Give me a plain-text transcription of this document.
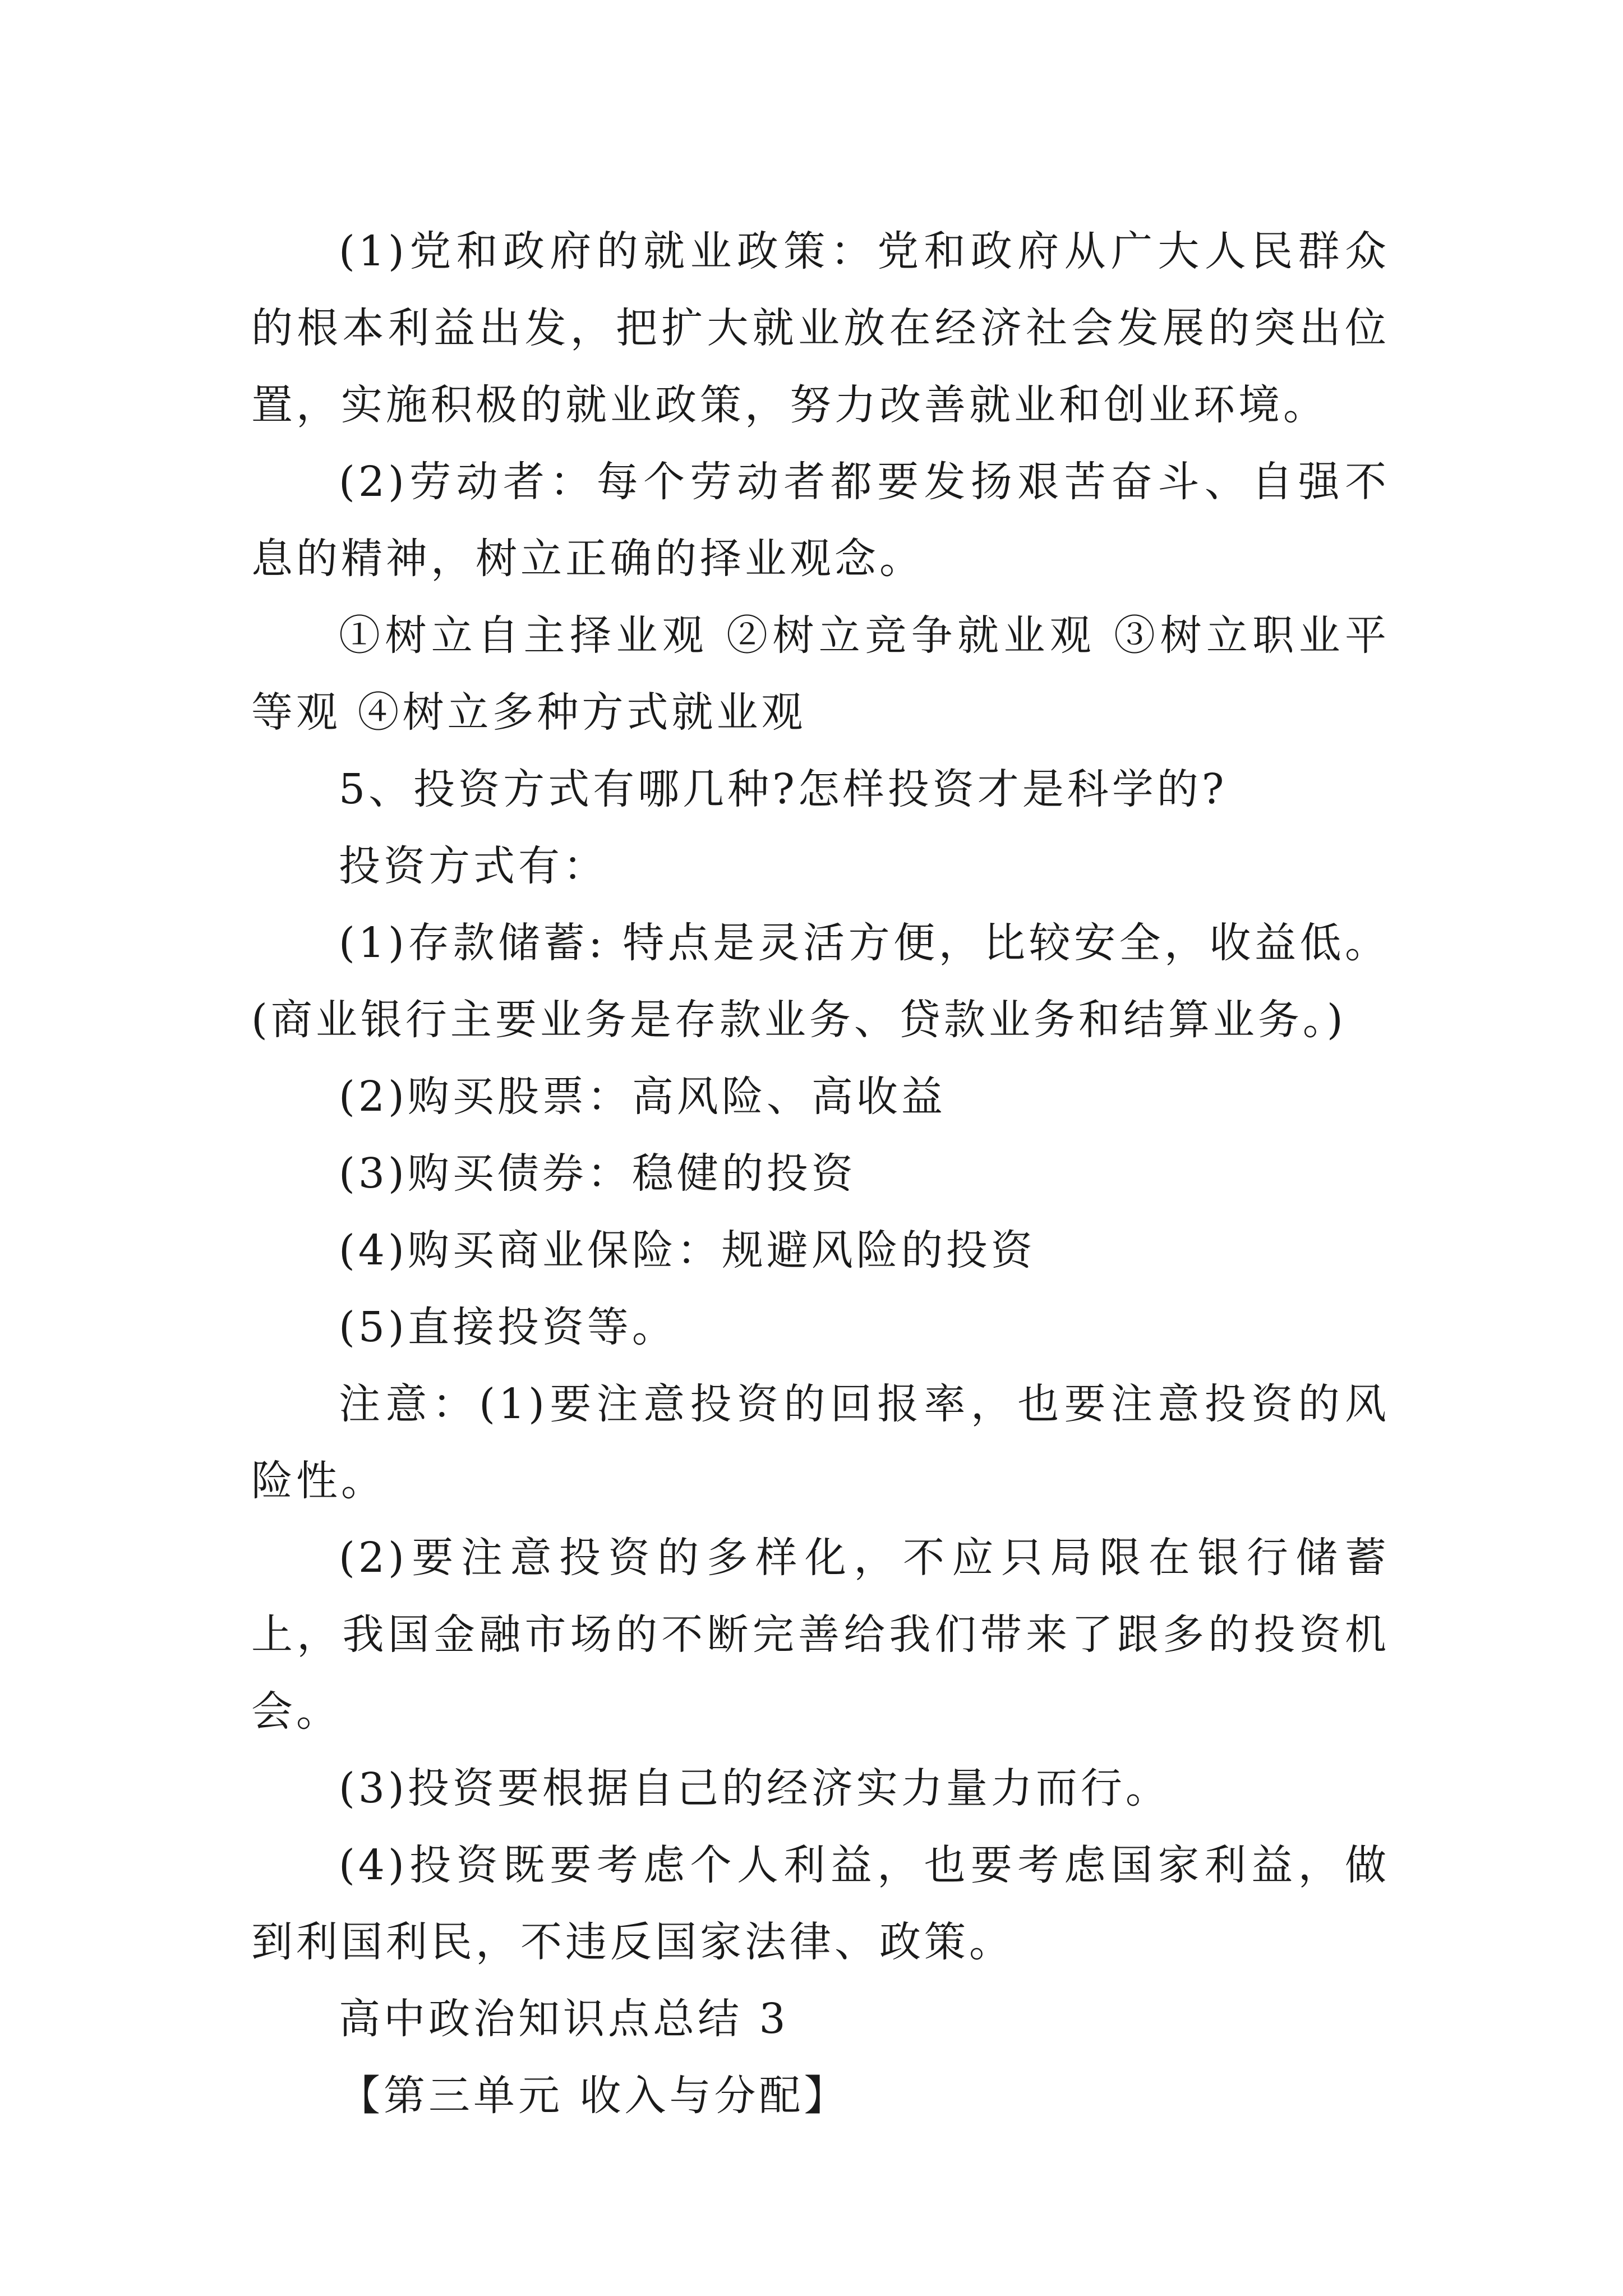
(1)党和政府的就业政策：党和政府从广大人民群众的根本利益出发，把扩大就业放在经济社会发展的突出位置，实施积极的就业政策，努力改善就业和创业环境。

(2)劳动者：每个劳动者都要发扬艰苦奋斗、自强不息的精神，树立正确的择业观念。

①树立自主择业观 ②树立竞争就业观 ③树立职业平等观 ④树立多种方式就业观

5、投资方式有哪几种?怎样投资才是科学的?

投资方式有：

(1)存款储蓄: 特点是灵活方便，比较安全，收益低。(商业银行主要业务是存款业务、贷款业务和结算业务。)

(2)购买股票：高风险、高收益

(3)购买债券：稳健的投资

(4)购买商业保险：规避风险的投资

(5)直接投资等。

注意：(1)要注意投资的回报率，也要注意投资的风险性。

(2)要注意投资的多样化，不应只局限在银行储蓄上，我国金融市场的不断完善给我们带来了跟多的投资机会。

(3)投资要根据自己的经济实力量力而行。

(4)投资既要考虑个人利益，也要考虑国家利益，做到利国利民，不违反国家法律、政策。

高中政治知识点总结 3

【第三单元 收入与分配】
